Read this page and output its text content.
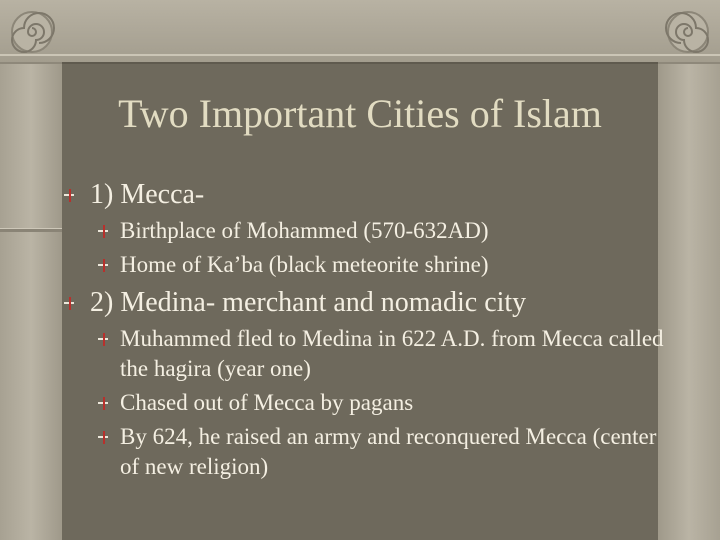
Two Important Cities of Islam
1) Mecca-
Birthplace of Mohammed (570-632AD)
Home of Ka’ba (black meteorite shrine)
2) Medina- merchant and nomadic city
Muhammed fled to Medina in 622 A.D. from Mecca called the hagira (year one)
Chased out of Mecca by pagans
By 624, he raised an army and reconquered Mecca (center of new religion)
